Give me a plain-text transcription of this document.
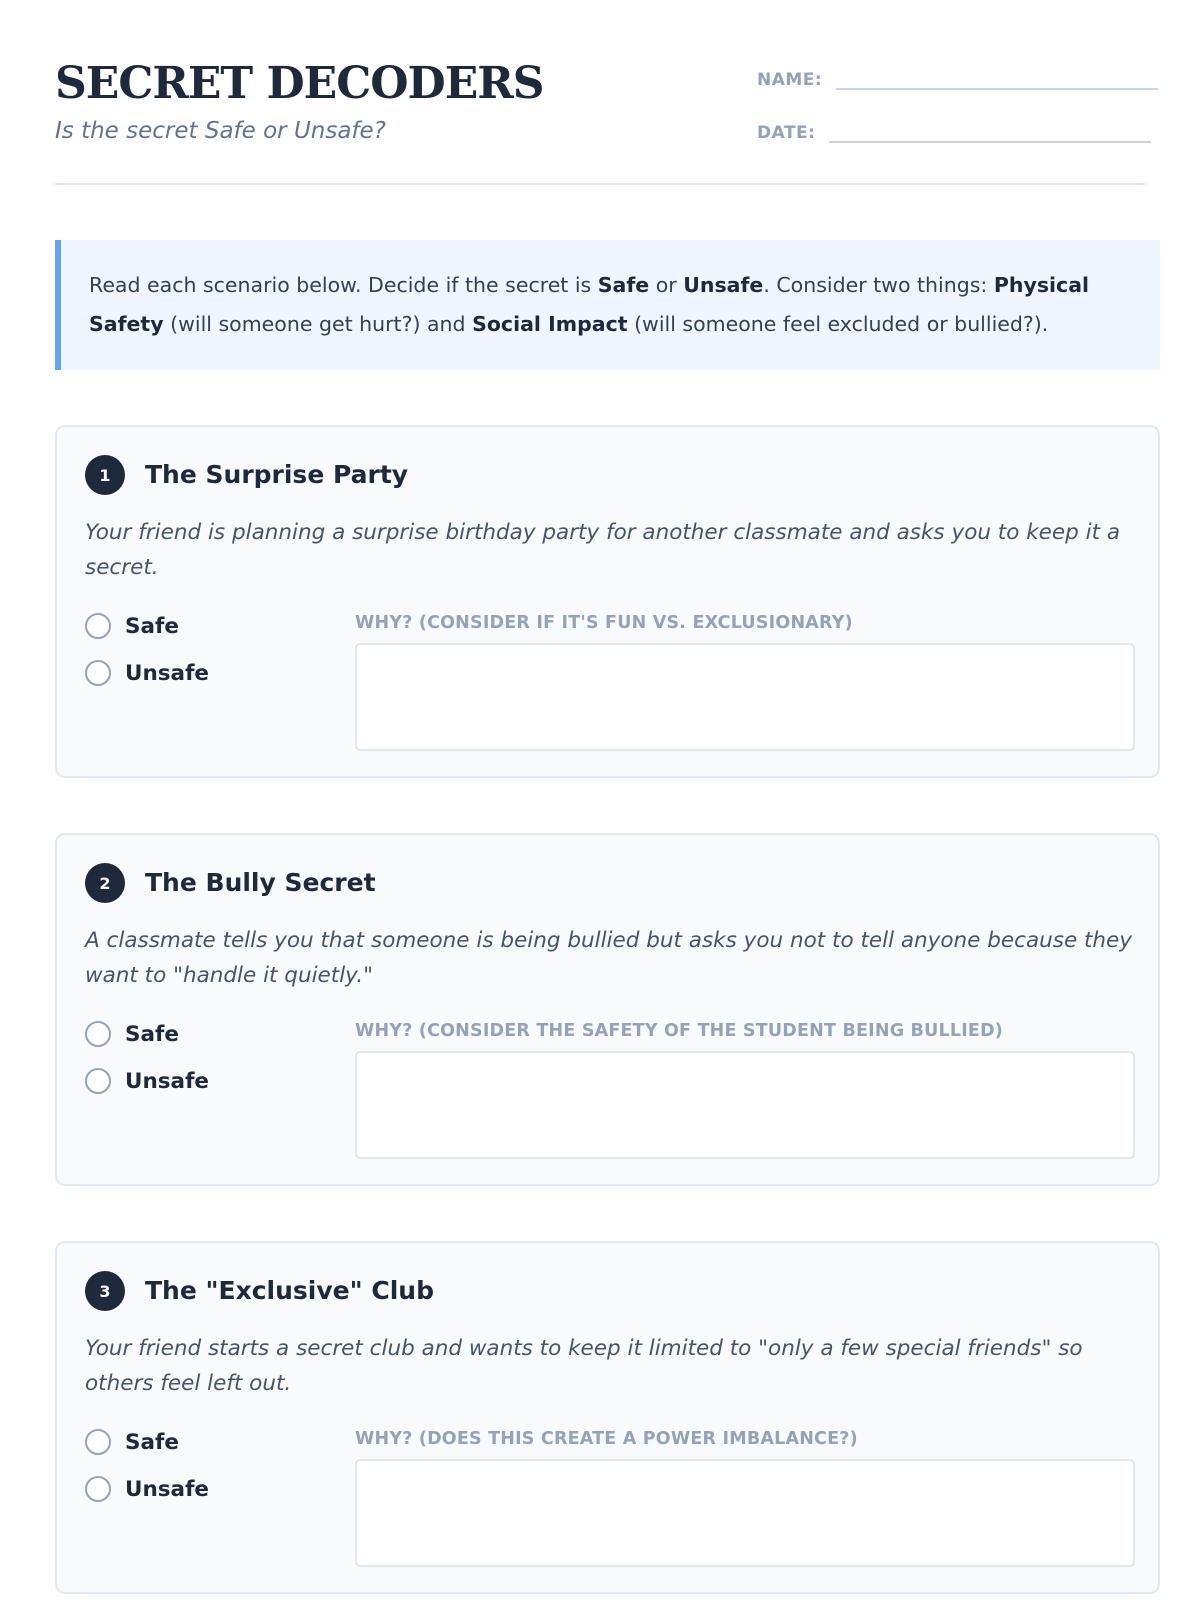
SECRET DECODERS
Is the secret Safe or Unsafe?
NAME:
DATE:
Read each scenario below. Decide if the secret is Safe or Unsafe. Consider two things: Physical Safety (will someone get hurt?) and Social Impact (will someone feel excluded or bullied?).
1	The Surprise Party
Your friend is planning a surprise birthday party for another classmate and asks you to keep it a secret.
Safe
Unsafe
WHY? (CONSIDER IF IT'S FUN VS. EXCLUSIONARY)
2	The Bully Secret
A classmate tells you that someone is being bullied but asks you not to tell anyone because they want to "handle it quietly."
Safe
Unsafe
WHY? (CONSIDER THE SAFETY OF THE STUDENT BEING BULLIED)
3	The "Exclusive" Club
Your friend starts a secret club and wants to keep it limited to "only a few special friends" so others feel left out.
Safe
Unsafe
WHY? (DOES THIS CREATE A POWER IMBALANCE?)
